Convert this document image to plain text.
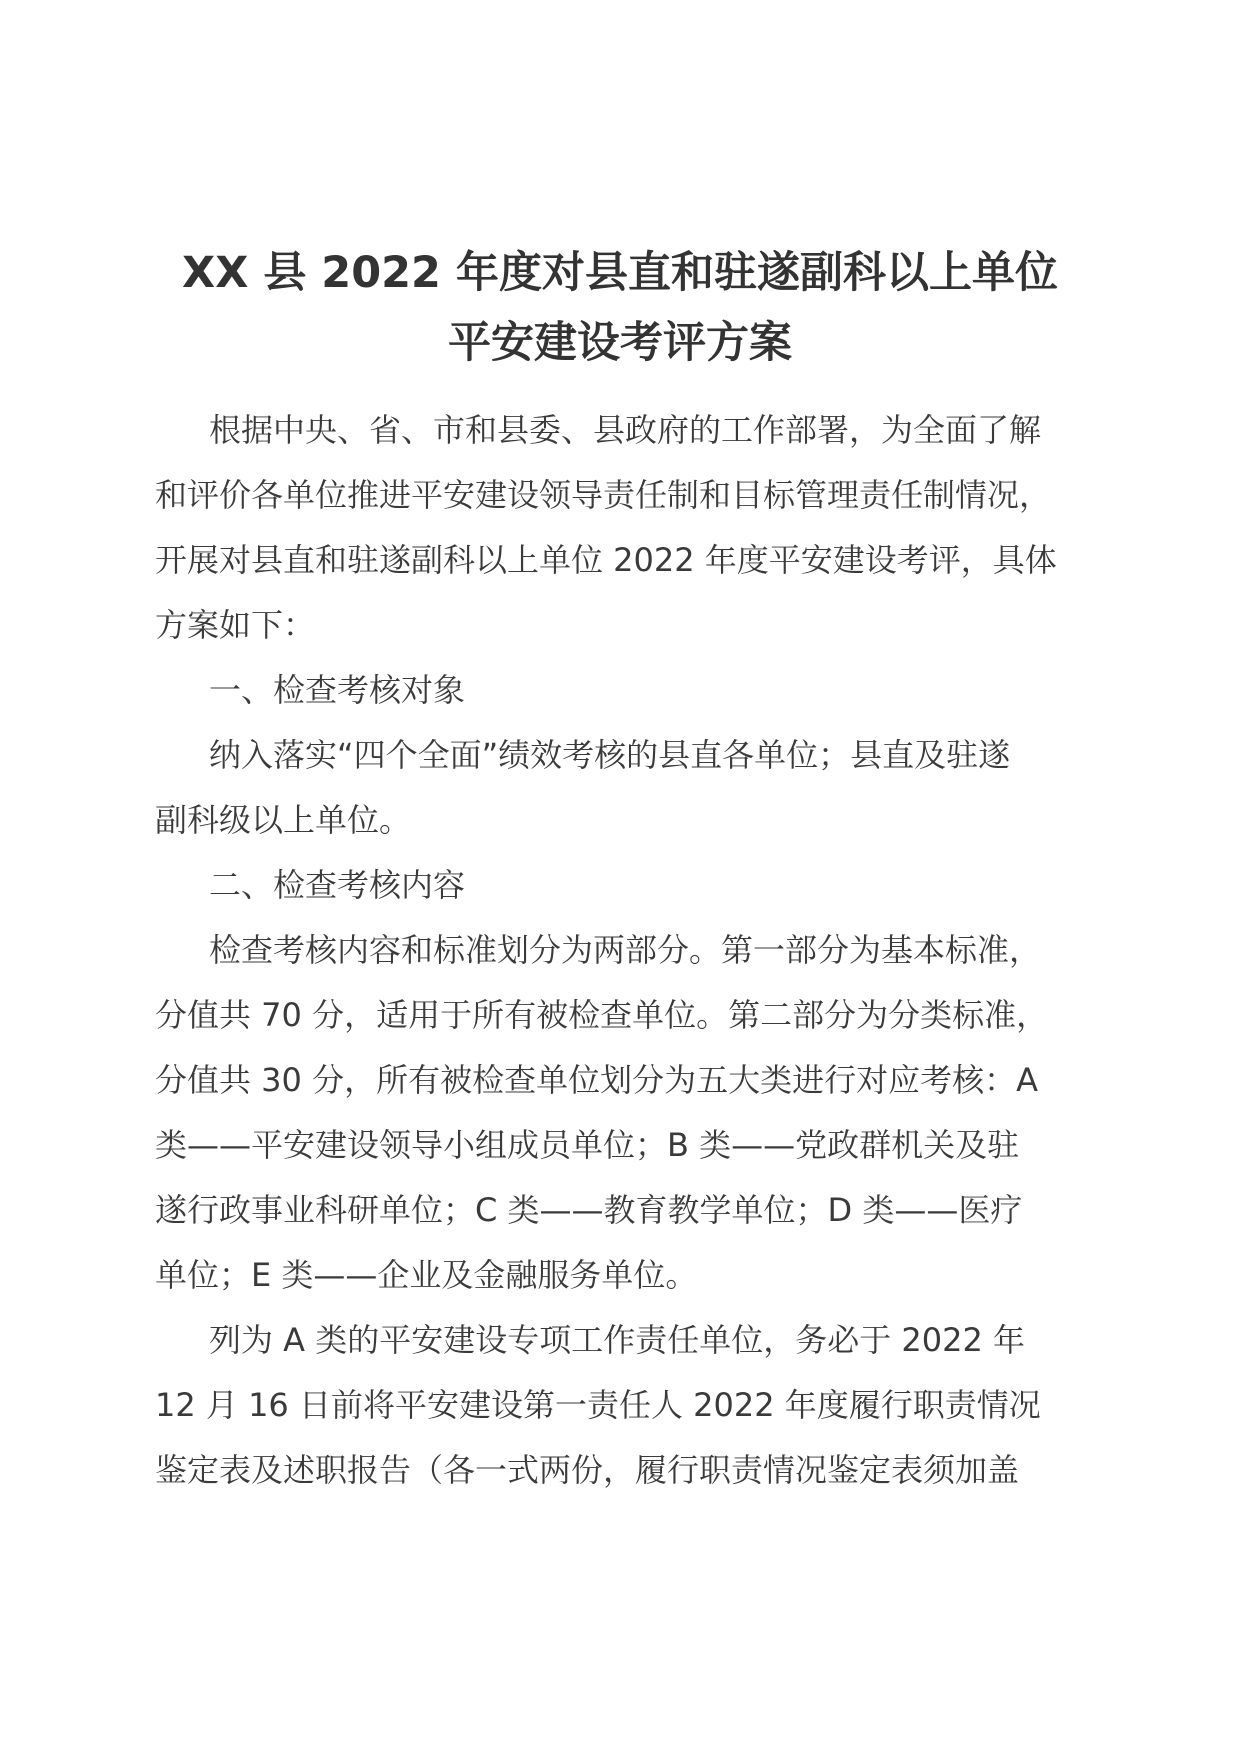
XX 县 2022 年度对县直和驻遂副科以上单位
平安建设考评方案

根据中央、省、市和县委、县政府的工作部署，为全面了解
和评价各单位推进平安建设领导责任制和目标管理责任制情况，
开展对县直和驻遂副科以上单位 2022 年度平安建设考评，具体
方案如下：

一、检查考核对象

纳入落实“四个全面”绩效考核的县直各单位；县直及驻遂
副科级以上单位。

二、检查考核内容

检查考核内容和标准划分为两部分。第一部分为基本标准，
分值共 70 分，适用于所有被检查单位。第二部分为分类标准，
分值共 30 分，所有被检查单位划分为五大类进行对应考核：A
类——平安建设领导小组成员单位；B 类——党政群机关及驻
遂行政事业科研单位；C 类——教育教学单位；D 类——医疗
单位；E 类——企业及金融服务单位。

列为 A 类的平安建设专项工作责任单位，务必于 2022 年
12 月 16 日前将平安建设第一责任人 2022 年度履行职责情况
鉴定表及述职报告（各一式两份，履行职责情况鉴定表须加盖
